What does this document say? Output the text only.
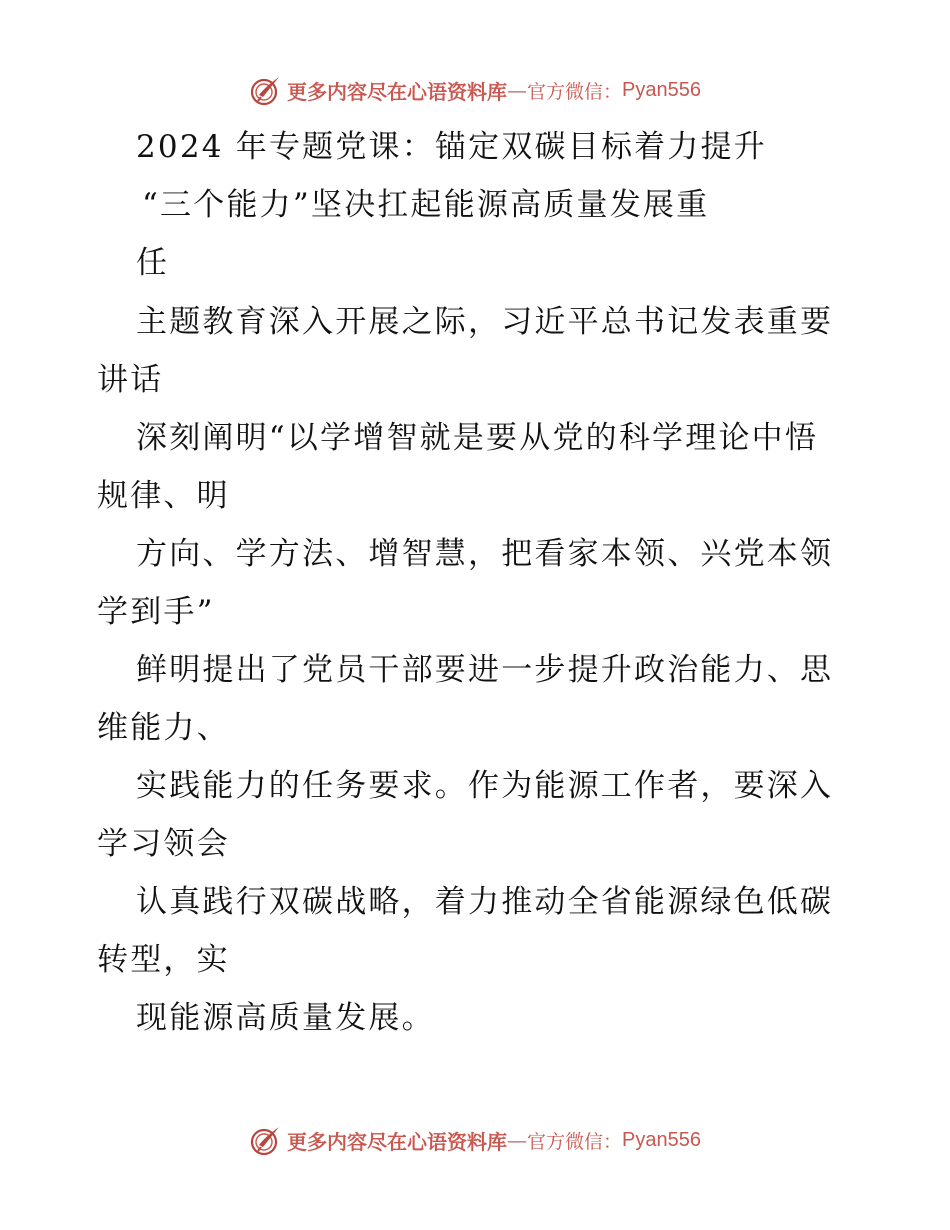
更多内容尽在心语资料库 — 官方微信： Pyan556
2024 年专题党课：锚定双碳目标着力提升
“三个能力”坚决扛起能源高质量发展重
任
主题教育深入开展之际，习近平总书记发表重要
讲话
深刻阐明“以学增智就是要从党的科学理论中悟
规律、明
方向、学方法、增智慧，把看家本领、兴党本领
学到手”
鲜明提出了党员干部要进一步提升政治能力、思
维能力、
实践能力的任务要求。作为能源工作者，要深入
学习领会
认真践行双碳战略，着力推动全省能源绿色低碳
转型，实
现能源高质量发展。
更多内容尽在心语资料库 — 官方微信： Pyan556
